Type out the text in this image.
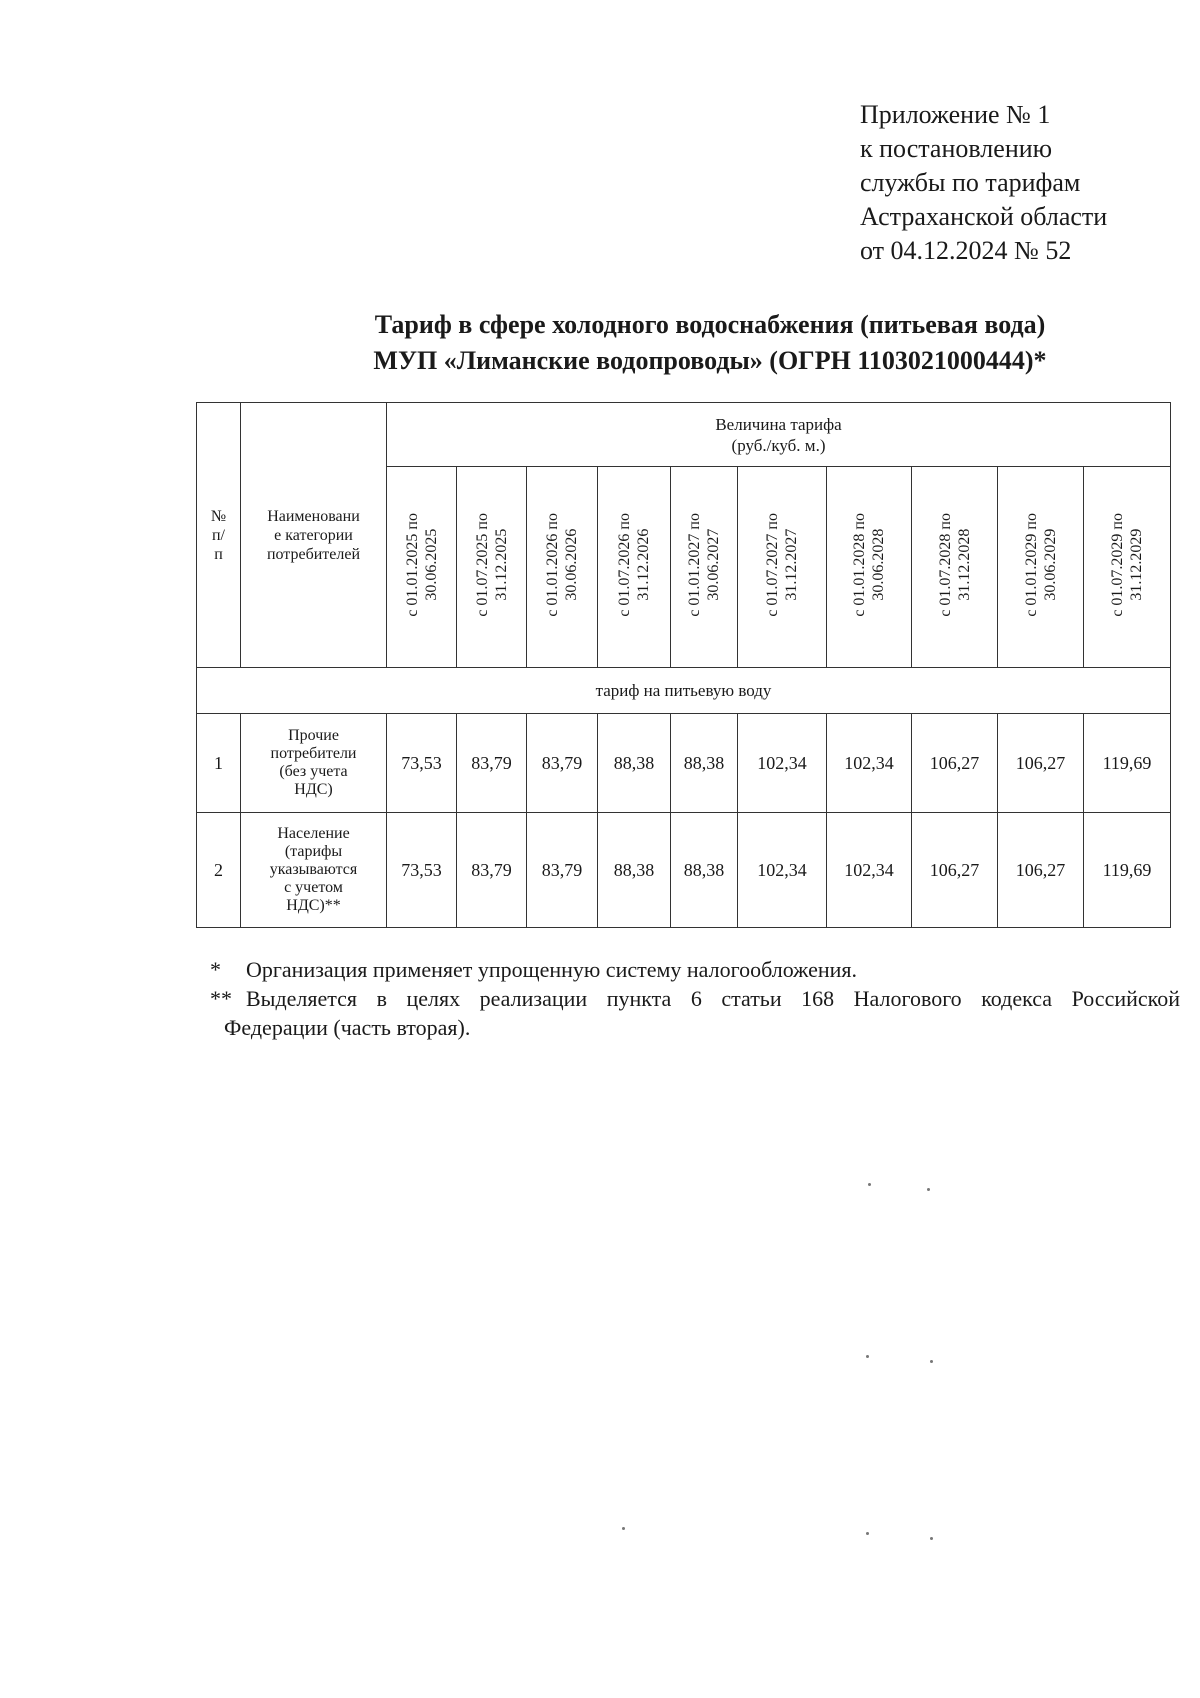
Приложение № 1
к постановлению
службы по тарифам
Астраханской области
от 04.12.2024 № 52
Тариф в сфере холодного водоснабжения (питьевая вода)
МУП «Лиманские водопроводы» (ОГРН 1103021000444)*
№
п/
п	Наименовани
е категории
потребителей	Величина тарифа
(руб./куб. м.)									
		с 01.01.2025 по 30.06.2025	с 01.07.2025 по 31.12.2025	с 01.01.2026 по 30.06.2026	с 01.07.2026 по 31.12.2026	с 01.01.2027 по 30.06.2027	с 01.07.2027 по 31.12.2027	с 01.01.2028 по 30.06.2028	с 01.07.2028 по 31.12.2028	с 01.01.2029 по 30.06.2029	с 01.07.2029 по 31.12.2029
тариф на питьевую воду											
1	Прочие
потребители
(без учета
НДС)	73,53	83,79	83,79	88,38	88,38	102,34	102,34	106,27	106,27	119,69
2	Население
(тарифы
указываются
с учетом
НДС)**	73,53	83,79	83,79	88,38	88,38	102,34	102,34	106,27	106,27	119,69
*	Организация применяет упрощенную систему налогообложения.
** Выделяется в целях реализации пункта 6 статьи 168 Налогового кодекса Российской
Федерации (часть вторая).
